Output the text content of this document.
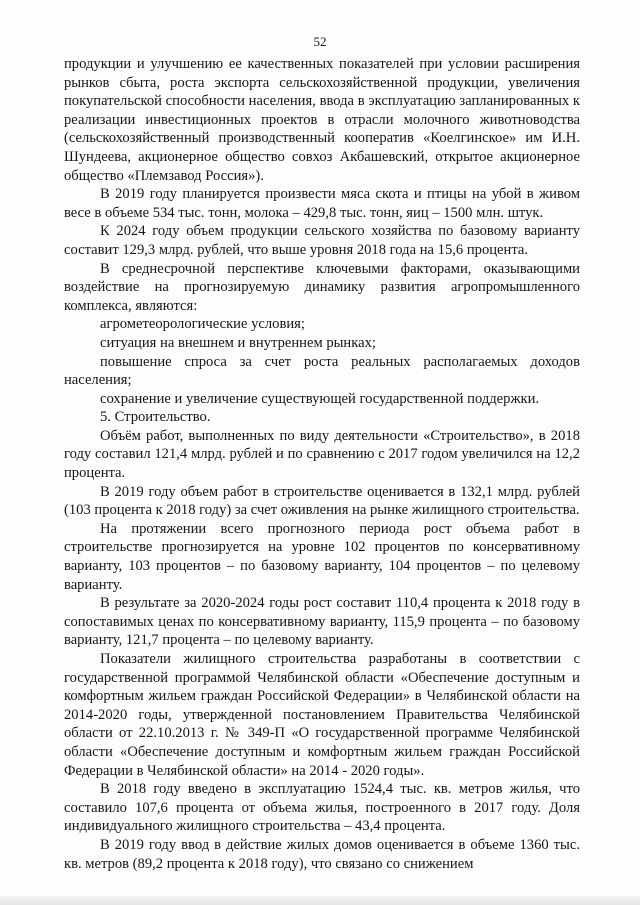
52

продукции и улучшению ее качественных показателей при условии расширения рынков сбыта, роста экспорта сельскохозяйственной продукции, увеличения покупательской способности населения, ввода в эксплуатацию запланированных к реализации инвестиционных проектов в отрасли молочного животноводства (сельскохозяйственный производственный кооператив «Коелгинское» им И.Н. Шундеева, акционерное общество совхоз Акбашевский, открытое акционерное общество «Племзавод Россия»).

В 2019 году планируется произвести мяса скота и птицы на убой в живом весе в объеме 534 тыс. тонн, молока – 429,8 тыс. тонн, яиц – 1500 млн. штук.

К 2024 году объем продукции сельского хозяйства по базовому варианту составит 129,3 млрд. рублей, что выше уровня 2018 года на 15,6 процента.

В среднесрочной перспективе ключевыми факторами, оказывающими воздействие на прогнозируемую динамику развития агропромышленного комплекса, являются:

агрометеорологические условия;

ситуация на внешнем и внутреннем рынках;

повышение спроса за счет роста реальных располагаемых доходов населения;

сохранение и увеличение существующей государственной поддержки.

5. Строительство.

Объём работ, выполненных по виду деятельности «Строительство», в 2018 году составил 121,4 млрд. рублей и по сравнению с 2017 годом увеличился на 12,2 процента.

В 2019 году объем работ в строительстве оценивается в 132,1 млрд. рублей (103 процента к 2018 году) за счет оживления на рынке жилищного строительства.

На протяжении всего прогнозного периода рост объема работ в строительстве прогнозируется на уровне 102 процентов по консервативному варианту, 103 процентов – по базовому варианту, 104 процентов – по целевому варианту.

В результате за 2020-2024 годы рост составит 110,4 процента к 2018 году в сопоставимых ценах по консервативному варианту, 115,9 процента – по базовому варианту, 121,7 процента – по целевому варианту.

Показатели жилищного строительства разработаны в соответствии с государственной программой Челябинской области «Обеспечение доступным и комфортным жильем граждан Российской Федерации» в Челябинской области на 2014-2020 годы, утвержденной постановлением Правительства Челябинской области от 22.10.2013 г. № 349-П «О государственной программе Челябинской области «Обеспечение доступным и комфортным жильем граждан Российской Федерации в Челябинской области» на 2014 - 2020 годы».

В 2018 году введено в эксплуатацию 1524,4 тыс. кв. метров жилья, что составило 107,6 процента от объема жилья, построенного в 2017 году. Доля индивидуального жилищного строительства – 43,4 процента.

В 2019 году ввод в действие жилых домов оценивается в объеме 1360 тыс. кв. метров (89,2 процента к 2018 году), что связано со снижением
